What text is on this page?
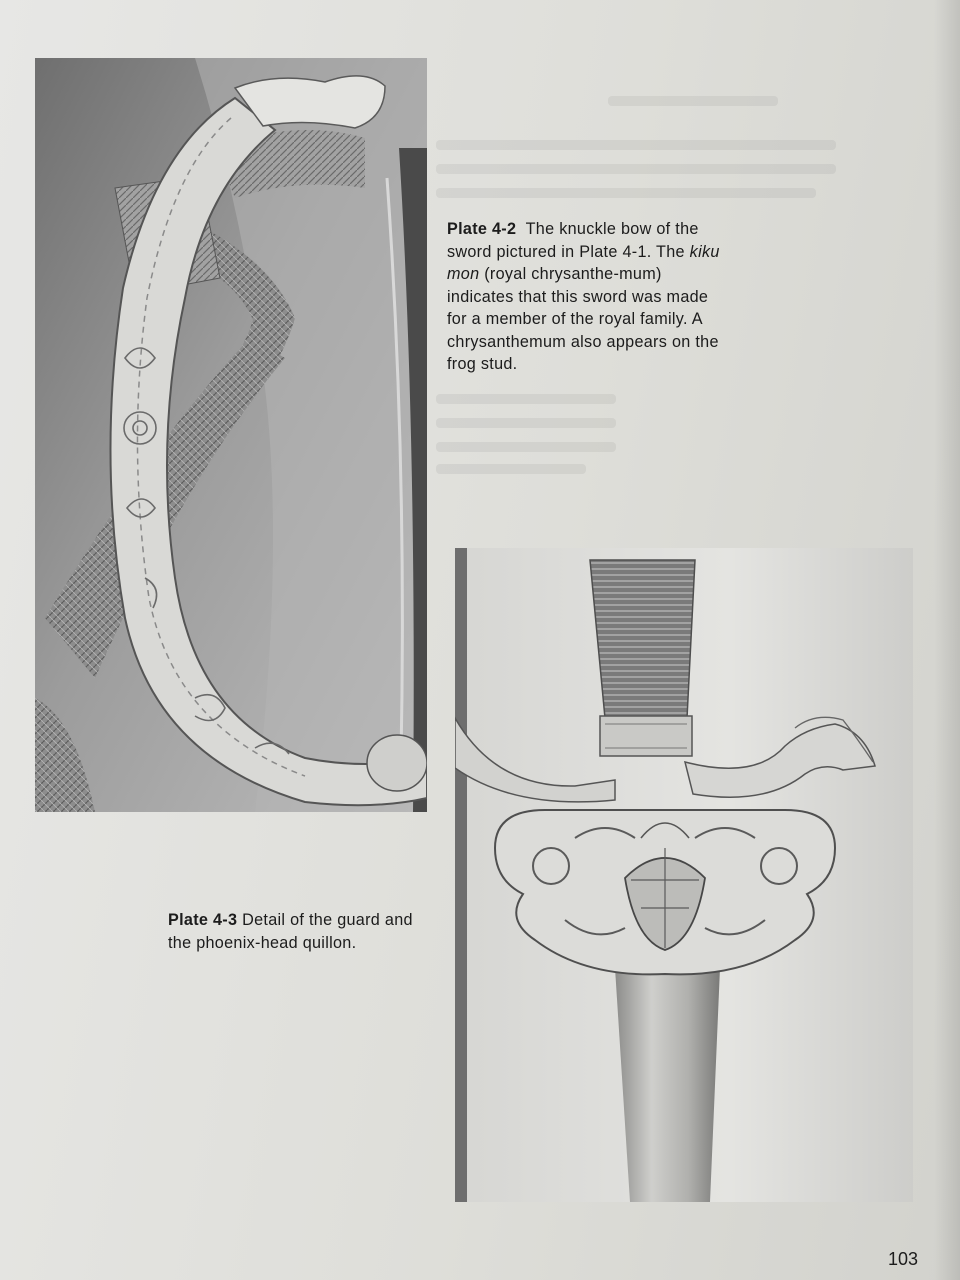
Plate 4-2 The knuckle bow of the sword pictured in Plate 4-1. The kiku mon (royal chrysanthe-mum) indicates that this sword was made for a member of the royal family. A chrysanthemum also appears on the frog stud.
Plate 4-3 Detail of the guard and the phoenix-head quillon.
103
